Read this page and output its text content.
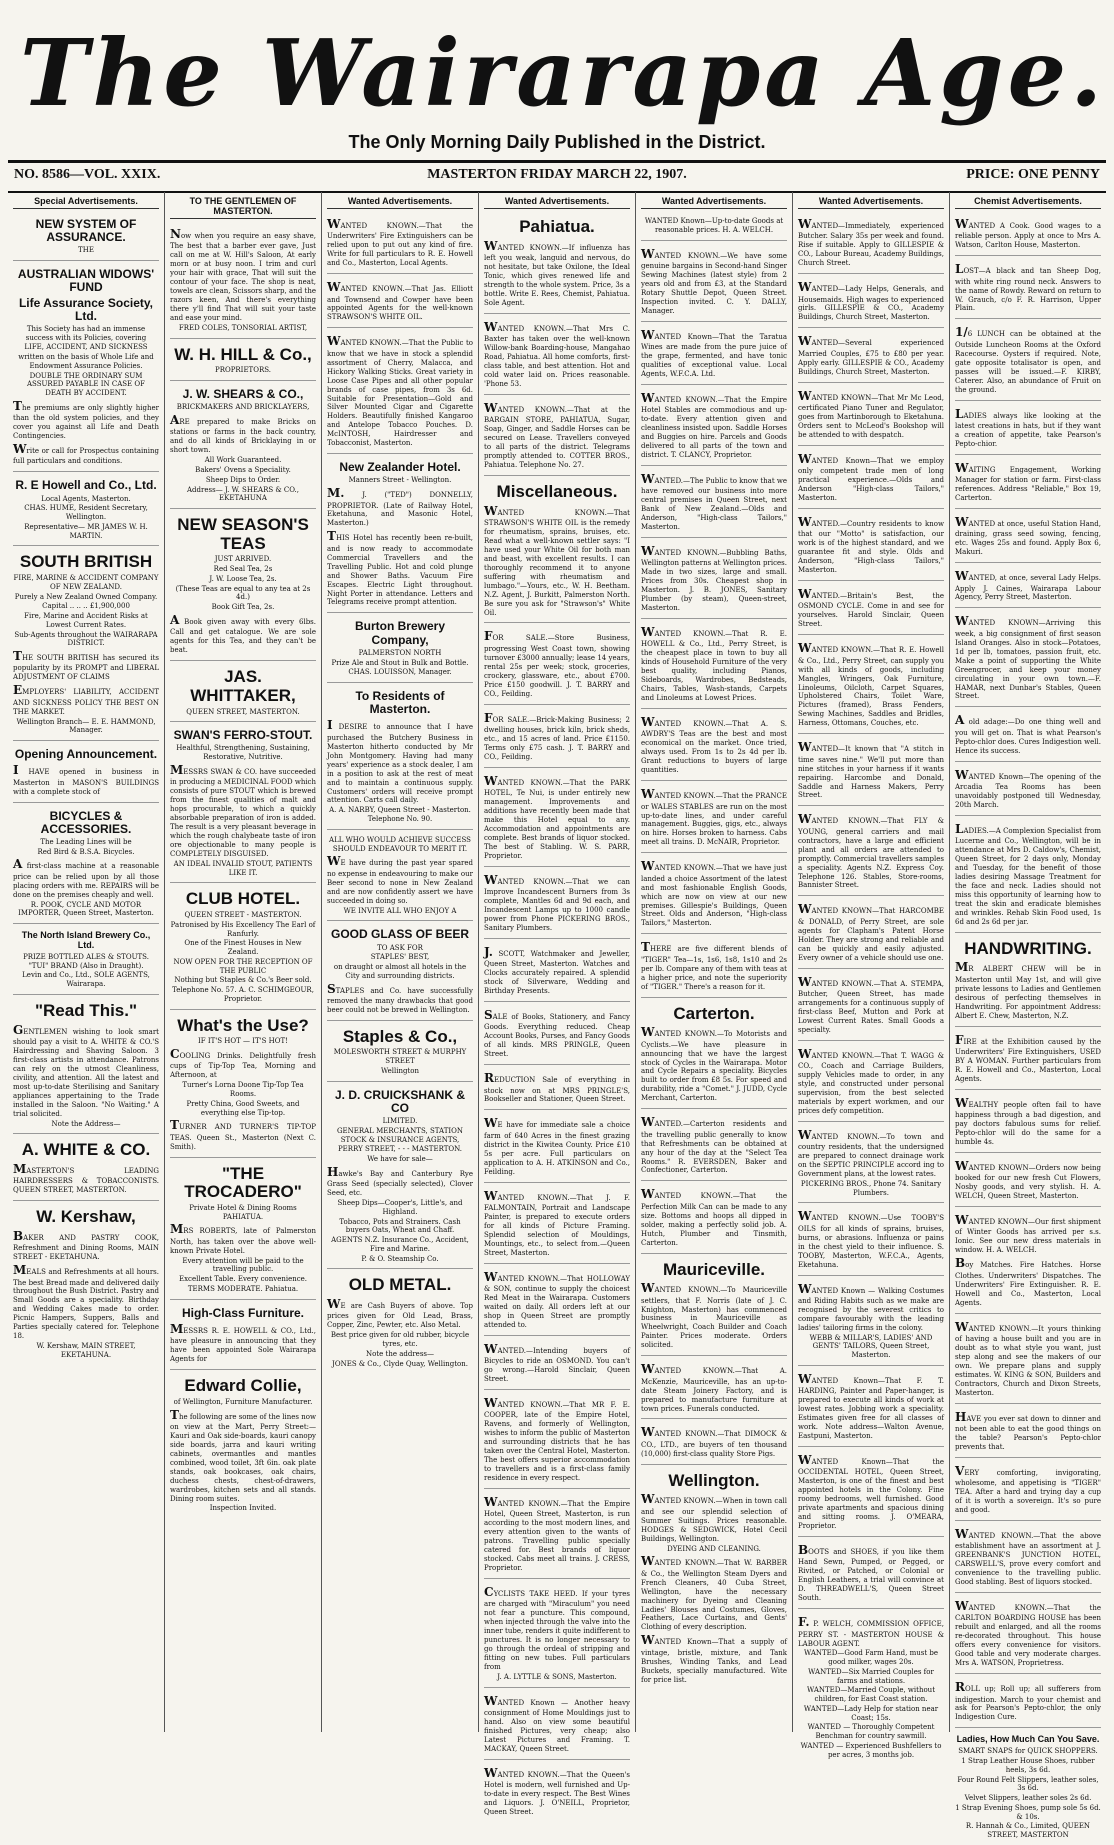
The Wairarapa Age.
The Only Morning Daily Published in the District.
MASTERTON FRIDAY MARCH 22, 1907.
NO. 8586—VOL. XXIX.	PRICE: ONE PENNY
Special Advertisements.
NEW SYSTEM OF ASSURANCE.
THE
AUSTRALIAN WIDOWS' FUND
Life Assurance Society, Ltd.
This Society has had an immense success with its Policies, covering
LIFE, ACCIDENT, AND SICKNESS
written on the basis of Whole Life and Endowment Assurance Policies.
DOUBLE THE ORDINARY SUM ASSURED PAYABLE IN CASE OF DEATH BY ACCIDENT.
The premiums are only slightly higher than the old system policies, and they cover you against all Life and Death Contingencies.
Write or call for Prospectus containing full particulars and conditions.
R. E Howell and Co., Ltd.
Local Agents, Masterton.
CHAS. HUME, Resident Secretary, Wellington.
Representative— MR JAMES W. H. MARTIN.
SOUTH BRITISH
FIRE, MARINE & ACCIDENT COMPANY OF NEW ZEALAND.
Purely a New Zealand Owned Company.
Capital .. .. .. £1,900,000
Fire, Marine and Accident Risks at Lowest Current Rates.
Sub-Agents throughout the WAIRARAPA DISTRICT.
THE SOUTH BRITISH has secured its popularity by its PROMPT and LIBERAL ADJUSTMENT OF CLAIMS
EMPLOYERS' LIABILITY, ACCIDENT AND SICKNESS POLICY THE BEST ON THE MARKET.
Wellington Branch— E. E. HAMMOND, Manager.
Opening Announcement.
I HAVE opened in business in Masterton in MASON'S BUILDINGS with a complete stock of
BICYCLES & ACCESSORIES.
The Leading Lines will be
Red Bird & B.S.A. Bicycles.
A first-class machine at a reasonable price can be relied upon by all those placing orders with me. REPAIRS will be done on the premises cheaply and well.
R. POOK, CYCLE AND MOTOR IMPORTER, Queen Street, Masterton.
The North Island Brewery Co., Ltd.
PRIZE BOTTLED ALES & STOUTS. "TUI" BRAND (Also in Draught).
Levin and Co., Ltd., SOLE AGENTS, Wairarapa.
"Read This."
GENTLEMEN wishing to look smart should pay a visit to A. WHITE & CO.'S Hairdressing and Shaving Saloon. 3 first-class artists in attendance. Patrons can rely on the utmost Cleanliness, civility, and attention. All the latest and most up-to-date Sterilising and Sanitary appliances appertaining to the Trade installed in the Saloon. "No Waiting." A trial solicited.
Note the Address—
A. WHITE & CO.
MASTERTON'S LEADING HAIRDRESSERS & TOBACCONISTS. QUEEN STREET, MASTERTON.
W. Kershaw,
BAKER AND PASTRY COOK, Refreshment and Dining Rooms, MAIN STREET - EKETAHUNA.
MEALS and Refreshments at all hours. The best Bread made and delivered daily throughout the Bush District. Pastry and Small Goods are a speciality. Birthday and Wedding Cakes made to order. Picnic Hampers, Suppers, Balls and Parties specially catered for. Telephone 18.
W. Kershaw, MAIN STREET, EKETAHUNA.
TO THE GENTLEMEN OF MASTERTON.
Now when you require an easy shave, The best that a barber ever gave, Just call on me at W. Hill's Saloon, At early morn or at busy noon. I trim and curl your hair with grace, That will suit the contour of your face. The shop is neat, towels are clean, Scissors sharp, and the razors keen, And there's everything there y'll find That will suit your taste and ease your mind.
FRED COLES, TONSORIAL ARTIST,
W. H. HILL & Co.,
PROPRIETORS.
J. W. SHEARS & CO.,
BRICKMAKERS AND BRICKLAYERS,
ARE prepared to make Bricks on stations or farms in the back country, and do all kinds of Bricklaying in or short town.
All Work Guaranteed.
Bakers' Ovens a Speciality.
Sheep Dips to Order.
Address— J. W. SHEARS & CO., EKETAHUNA
NEW SEASON'S TEAS
JUST ARRIVED.
Red Seal Tea, 2s
J. W. Loose Tea, 2s.
(These Teas are equal to any tea at 2s 4d.)
Book Gift Tea, 2s.
A Book given away with every 6lbs. Call and get catalogue. We are sole agents for this Tea, and they can't be beat.
JAS. WHITTAKER,
QUEEN STREET, MASTERTON.
SWAN'S FERRO-STOUT.
Healthful, Strengthening, Sustaining, Restorative, Nutritive.
MESSRS SWAN & CO. have succeeded in producing a MEDICINAL FOOD which consists of pure STOUT which is brewed from the finest qualities of malt and hops procurable, to which a quickly absorbable preparation of iron is added. The result is a very pleasant beverage in which the rough chalybeate taste of iron ore objectionable to many people is COMPLETELY DISGUISED.
AN IDEAL INVALID STOUT, PATIENTS LIKE IT.
CLUB HOTEL.
QUEEN STREET - MASTERTON.
Patronised by His Excellency The Earl of Ranfurly.
One of the Finest Houses in New Zealand.
NOW OPEN FOR THE RECEPTION OF THE PUBLIC
Nothing but Staples & Co.'s Beer sold.
Telephone No. 57. A. C. SCHIMGEOUR, Proprietor.
What's the Use?
IF IT'S HOT — IT'S HOT!
COOLING Drinks. Delightfully fresh cups of Tip-Top Tea, Morning and Afternoon, at
Turner's Lorna Doone Tip-Top Tea Rooms.
Pretty China, Good Sweets, and everything else Tip-top.
TURNER AND TURNER'S TIP-TOP TEAS. Queen St., Masterton (Next C. Smith).
"THE TROCADERO"
Private Hotel & Dining Rooms PAHIATUA.
MRS ROBERTS, late of Palmerston North, has taken over the above well-known Private Hotel.
Every attention will be paid to the travelling public.
Excellent Table. Every convenience.
TERMS MODERATE. Pahiatua.
High-Class Furniture.
MESSRS R. E. HOWELL & CO., Ltd., have pleasure in announcing that they have been appointed Sole Wairarapa Agents for
Edward Collie,
of Wellington, Furniture Manufacturer.
The following are some of the lines now on view at the Mart, Perry Street:—Kauri and Oak side-boards, kauri canopy side boards, jarra and kauri writing cabinets, overmantles and mantles combined, wood toilet, 3ft 6in. oak plate stands, oak bookcases, oak chairs, duchess chests, chest-of-drawers, wardrobes, kitchen sets and all stands. Dining room suites.
Inspection Invited.
Wanted Advertisements.
WANTED KNOWN.—That the Underwriters' Fire Extinguishers can be relied upon to put out any kind of fire. Write for full particulars to R. E. Howell and Co., Masterton, Local Agents.
WANTED KNOWN.—That Jas. Elliott and Townsend and Cowper have been appointed Agents for the well-known STRAWSON'S WHITE OIL.
WANTED KNOWN.—That the Public to know that we have in stock a splendid assortment of Cherry, Malacca, and Hickory Walking Sticks. Great variety in Loose Case Pipes and all other popular brands of case pipes, from 3s 6d. Suitable for Presentation—Gold and Silver Mounted Cigar and Cigarette Holders. Beautifully finished Kangaroo and Antelope Tobacco Pouches. D. McINTOSH, Hairdresser and Tobacconist, Masterton.
New Zealander Hotel.
Manners Street - Wellington.
M. J. ("TED") DONNELLY, PROPRIETOR. (Late of Railway Hotel, Eketahuna, and Masonic Hotel, Masterton.)
THIS Hotel has recently been re-built, and is now ready to accommodate Commercial Travellers and the Travelling Public. Hot and cold plunge and Shower Baths. Vacuum Fire Escapes. Electric Light throughout. Night Porter in attendance. Letters and Telegrams receive prompt attention.
Burton Brewery Company,
PALMERSTON NORTH
Prize Ale and Stout in Bulk and Bottle.
CHAS. LOUISSON, Manager.
To Residents of Masterton.
I DESIRE to announce that I have purchased the Butchery Business in Masterton hitherto conducted by Mr John Montgomery. Having had many years' experience as a stock dealer, I am in a position to ask at the rest of meat and to maintain a continuous supply. Customers' orders will receive prompt attention. Carts call daily.
A. A. NARBY, Queen Street - Masterton. Telephone No. 90.
ALL WHO WOULD ACHIEVE SUCCESS SHOULD ENDEAVOUR TO MERIT IT.
WE have during the past year spared no expense in endeavouring to make our Beer second to none in New Zealand and are now confidently assert we have succeeded in doing so.
WE INVITE ALL WHO ENJOY A
GOOD GLASS OF BEER
TO ASK FOR
STAPLES' BEST,
on draught or almost all hotels in the City and surrounding districts.
STAPLES and Co. have successfully removed the many drawbacks that good beer could not be brewed in Wellington.
Staples & Co.,
MOLESWORTH STREET & MURPHY STREET
Wellington
J. D. CRUICKSHANK & CO
LIMITED.
GENERAL MERCHANTS, STATION STOCK & INSURANCE AGENTS,
PERRY STREET, - - - MASTERTON.
We have for sale—
Hawke's Bay and Canterbury Rye Grass Seed (specially selected), Clover Seed, etc.
Sheep Dips—Cooper's, Little's, and Highland.
Tobacco, Pots and Strainers. Cash buyers Oats, Wheat and Chaff.
AGENTS N.Z. Insurance Co., Accident, Fire and Marine.
P. & O. Steamship Co.
OLD METAL.
WE are Cash Buyers of above. Top prices given for Old Lead, Brass, Copper, Zinc, Pewter, etc. Also Metal.
Best price given for old rubber, bicycle tyres, etc.
Note the address—
JONES & Co., Clyde Quay, Wellington.
Wanted Advertisements.
Pahiatua.
WANTED KNOWN.—If influenza has left you weak, languid and nervous, do not hesitate, but take Oxilone, the Ideal Tonic, which gives renewed life and strength to the whole system. Price, 3s a bottle. Write E. Rees, Chemist, Pahiatua. Sole Agent.
WANTED KNOWN.—That Mrs C. Baxter has taken over the well-known Willow-bank Boarding-house, Mangahao Road, Pahiatua. All home comforts, first-class table, and best attention. Hot and cold water laid on. Prices reasonable. 'Phone 53.
WANTED KNOWN.—That at the BARGAIN STORE, PAHIATUA, Sugar, Soap, Ginger, and Saddle Horses can be secured on Lease. Travellers conveyed to all parts of the district. Telegrams promptly attended to. COTTER BROS., Pahiatua. Telephone No. 27.
Miscellaneous.
WANTED KNOWN.—That STRAWSON'S WHITE OIL is the remedy for rheumatism, sprains, bruises, etc. Read what a well-known settler says: "I have used your White Oil for both man and beast, with excellent results. I can thoroughly recommend it to anyone suffering with rheumatism and lumbago."—Yours, etc., W. H. Beetham. N.Z. Agent, J. Burkitt, Palmerston North. Be sure you ask for "Strawson's" White Oil.
FOR SALE.—Store Business, progressing West Coast town, showing turnover £3000 annually; lease 14 years, rental 25s per week; stock, groceries, crockery, glassware, etc., about £700. Price £150 goodwill. J. T. BARRY and CO., Feilding.
FOR SALE.—Brick-Making Business; 2 dwelling houses, brick kiln, brick sheds, etc., and 15 acres of land. Price £1150. Terms only £75 cash. J. T. BARRY and CO., Feilding.
WANTED KNOWN.—That the PARK HOTEL, Te Nui, is under entirely new management. Improvements and additions have recently been made that make this Hotel equal to any. Accommodation and appointments are complete. Best brands of liquor stocked. The best of Stabling. W. S. PARR, Proprietor.
WANTED KNOWN.—That we can Improve Incandescent Burners from 3s complete, Mantles 6d and 9d each, and Incandescent Lamps up to 1000 candle power from Phone PICKERING BROS., Sanitary Plumbers.
J. SCOTT, Watchmaker and Jeweller, Queen Street, Masterton. Watches and Clocks accurately repaired. A splendid stock of Silverware, Wedding and Birthday Presents.
SALE of Books, Stationery, and Fancy Goods. Everything reduced. Cheap Account Books, Purses, and Fancy Goods of all kinds. MRS PRINGLE, Queen Street.
REDUCTION Sale of everything in stock now on at MRS PRINGLE'S, Bookseller and Stationer, Queen Street.
WE have for immediate sale a choice farm of 640 Acres in the finest grazing district in the Kiwitea County. Price £10 5s per acre. Full particulars on application to A. H. ATKINSON and Co., Feilding.
WANTED KNOWN.—That J. F. FALMONTAIN, Portrait and Landscape Painter, is prepared to execute orders for all kinds of Picture Framing. Splendid selection of Mouldings, Mountings, etc., to select from.—Queen Street, Masterton.
WANTED KNOWN.—That HOLLOWAY & SON, continue to supply the choicest Red Meat in the Wairarapa. Customers waited on daily. All orders left at our shop in Queen Street are promptly attended to.
WANTED.—Intending buyers of Bicycles to ride an OSMOND. You can't go wrong.—Harold Sinclair, Queen Street.
WANTED KNOWN.—That MR F. E. COOPER, late of the Empire Hotel, Ravens, and formerly of Wellington, wishes to inform the public of Masterton and surrounding districts that he has taken over the Central Hotel, Masterton. The best offers superior accommodation to travellers and is a first-class family residence in every respect.
WANTED KNOWN.—That the Empire Hotel, Queen Street, Masterton, is run according to the most modern lines, and every attention given to the wants of patrons. Travelling public specially catered for. Best brands of liquor stocked. Cabs meet all trains. J. CRESS, Proprietor.
CYCLISTS TAKE HEED. If your tyres are charged with "Miraculum" you need not fear a puncture. This compound, when injected through the valve into the inner tube, renders it quite indifferent to punctures. It is no longer necessary to go through the ordeal of stripping and fitting on new tubes. Full particulars from
J. A. LYTTLE & SONS, Masterton.
WANTED Known — Another heavy consignment of Home Mouldings just to hand. Also on view some beautiful finished Pictures, very cheap; also Latest Pictures and Framing. T. MACKAY, Queen Street.
WANTED KNOWN.—That the Queen's Hotel is modern, well furnished and Up-to-date in every respect. The Best Wines and Liquors. J. O'NEILL, Proprietor, Queen Street.
Wanted Advertisements.
WANTED Known—Up-to-date Goods at reasonable prices. H. A. WELCH.
WANTED KNOWN.—We have some genuine bargains in Second-hand Singer Sewing Machines (latest style) from 2 years old and from £3, at the Standard Rotary Shuttle Depot, Queen Street. Inspection invited. C. Y. DALLY, Manager.
WANTED Known—That the Taratua Wines are made from the pure juice of the grape, fermented, and have tonic qualities of exceptional value. Local Agents, W.F.C.A. Ltd.
WANTED KNOWN.—That the Empire Hotel Stables are commodious and up-to-date. Every attention given and cleanliness insisted upon. Saddle Horses and Buggies on hire. Parcels and Goods delivered to all parts of the town and district. T. CLANCY, Proprietor.
WANTED.—The Public to know that we have removed our business into more central premises in Queen Street, next Bank of New Zealand.—Olds and Anderson, "High-class Tailors," Masterton.
WANTED KNOWN.—Bubbling Baths, Wellington patterns at Wellington prices. Made in two sizes, large and small. Prices from 30s. Cheapest shop in Masterton. J. B. JONES, Sanitary Plumber (by steam), Queen-street, Masterton.
WANTED KNOWN.—That R. E. HOWELL & Co., Ltd., Perry Street, is the cheapest place in town to buy all kinds of Household Furniture of the very best quality, including Pianos, Sideboards, Wardrobes, Bedsteads, Chairs, Tables, Wash-stands, Carpets and Linoleums at Lowest Prices.
WANTED KNOWN.—That A. S. AWDRY'S Teas are the best and most economical on the market. Once tried, always used. From 1s to 2s 4d per lb. Grant reductions to buyers of large quantities.
WANTED KNOWN.—That the PRANCE or WALES STABLES are run on the most up-to-date lines, and under careful management. Buggies, gigs, etc., always on hire. Horses broken to harness. Cabs meet all trains. D. McNAIR, Proprietor.
WANTED KNOWN.—That we have just landed a choice Assortment of the latest and most fashionable English Goods, which are now on view at our new premises. Gillespie's Buildings, Queen Street. Olds and Anderson, "High-class Tailors," Masterton.
THERE are five different blends of "TIGER" Tea—1s, 1s6, 1s8, 1s10 and 2s per lb. Compare any of them with teas at a higher price, and note the superiority of "TIGER." There's a reason for it.
Carterton.
WANTED KNOWN.—To Motorists and Cyclists.—We have pleasure in announcing that we have the largest stock of Cycles in the Wairarapa. Motor and Cycle Repairs a speciality. Bicycles built to order from £8 5s. For speed and durability, ride a "Comet." J. JUDD, Cycle Merchant, Carterton.
WANTED.—Carterton residents and the travelling public generally to know that Refreshments can be obtained at any hour of the day at the "Select Tea Rooms." R. EVERSDEN, Baker and Confectioner, Carterton.
WANTED KNOWN.—That the Perfection Milk Can can be made to any size. Bottoms and hoops all dipped in solder, making a perfectly solid job. A. Hutch, Plumber and Tinsmith, Carterton.
Mauriceville.
WANTED KNOWN.—To Mauriceville settlers, that F. Norris (late of J. C. Knighton, Masterton) has commenced business in Mauriceville as Wheelwright, Coach Builder and Coach Painter. Prices moderate. Orders solicited.
WANTED KNOWN.—That A. McKenzie, Mauriceville, has an up-to-date Steam Joinery Factory, and is prepared to manufacture furniture at town prices. Funerals conducted.
WANTED KNOWN.—That DIMOCK & CO., LTD., are buyers of ten thousand (10,000) first-class quality Store Pigs.
Wellington.
WANTED KNOWN.—When in town call and see our splendid selection of Summer Suitings. Prices reasonable. HODGES & SEDGWICK, Hotel Cecil Buildings, Wellington.
DYEING AND CLEANING.
WANTED KNOWN.—That W. BARBER & Co., the Wellington Steam Dyers and French Cleaners, 40 Cuba Street, Wellington, have the necessary machinery for Dyeing and Cleaning Ladies' Blouses and Costumes, Gloves, Feathers, Lace Curtains, and Gents' Clothing of every description.
WANTED Known—That a supply of vintage, bristle, mixture, and Tank Brushes, Winding Tanks, and Lead Buckets, specially manufactured. Wite for price list.
Wanted Advertisements.
WANTED—Immediately, experienced Butcher. Salary 35s per week and found. Rise if suitable. Apply to GILLESPIE & CO., Labour Bureau, Academy Buildings, Church Street.
WANTED—Lady Helps, Generals, and Housemaids. High wages to experienced girls. GILLESPIE & CO., Academy Buildings, Church Street, Masterton.
WANTED—Several experienced Married Couples, £75 to £80 per year. Apply early. GILLESPIE & CO., Academy Buildings, Church Street, Masterton.
WANTED KNOWN—That Mr Mc Leod, certificated Piano Tuner and Regulator, goes from Martinborough to Eketahuna. Orders sent to McLeod's Bookshop will be attended to with despatch.
WANTED Known—That we employ only competent trade men of long practical experience.—Olds and Anderson "High-class Tailors," Masterton.
WANTED.—Country residents to know that our "Motto" is satisfaction, our work is of the highest standard, and we guarantee fit and style. Olds and Anderson, "High-class Tailors," Masterton.
WANTED.—Britain's Best, the OSMOND CYCLE. Come in and see for yourselves. Harold Sinclair, Queen Street.
WANTED KNOWN.—That R. E. Howell & Co., Ltd., Perry Street, can supply you with all kinds of goods, including Mangles, Wringers, Oak Furniture, Linoleums, Oilcloth, Carpet Squares, Upholstered Chairs, Toilet Ware, Pictures (framed), Brass Fenders, Sewing Machines, Saddles and Bridles, Harness, Ottomans, Couches, etc.
WANTED—It known that "A stitch in time saves nine." We'll put more than nine stitches in your harness if it wants repairing. Harcombe and Donald, Saddle and Harness Makers, Perry Street.
WANTED KNOWN.—That FLY & YOUNG, general carriers and mail contractors, have a large and efficient plant and all orders are attended to promptly. Commercial travellers samples a speciality. Agents N.Z. Express Coy. Telephone 126. Stables, Store-rooms, Bannister Street.
WANTED KNOWN—That HARCOMBE & DONALD, of Perry Street, are sole agents for Clapham's Patent Horse Holder. They are strong and reliable and can be quickly and easily adjusted. Every owner of a vehicle should use one.
WANTED KNOWN.—That A. STEMPA, Butcher, Queen Street, has made arrangements for a continuous supply of first-class Beef, Mutton and Pork at Lowest Current Rates. Small Goods a specialty.
WANTED KNOWN.—That T. WAGG & CO., Coach and Carriage Builders, supply Vehicles made to order, in any style, and constructed under personal supervision, from the best selected materials by expert workmen, and our prices defy competition.
WANTED KNOWN.—To town and country residents, that the undersigned are prepared to connect drainage work on the SEPTIC PRINCIPLE accord ing to Government plans, at the lowest rates.
PICKERING BROS., Phone 74. Sanitary Plumbers.
WANTED KNOWN.—Use TOOBY'S OILS for all kinds of sprains, bruises, burns, or abrasions. Influenza or pains in the chest yield to their influence. S. TOOBY, Masterton, W.F.C.A., Agents, Eketahuna.
WANTED Known — Walking Costumes and Riding Habits such as we make are recognised by the severest critics to compare favourably with the leading ladies' tailoring firms in the colony.
WEBB & MILLAR'S, LADIES' AND GENTS' TAILORS, Queen Street, Masterton.
WANTED Known—That F. T. HARDING, Painter and Paper-hanger, is prepared to execute all kinds of work at lowest rates. Jobbing work a speciality. Estimates given free for all classes of work. Note address—Walton Avenue, Eastpuni, Masterton.
WANTED Known—That the OCCIDENTAL HOTEL, Queen Street, Masterton, is one of the finest and best appointed hotels in the Colony. Fine roomy bedrooms, well furnished. Good private apartments and spacious dining and sitting rooms. J. O'MEARA, Proprietor.
BOOTS and SHOES, if you like them Hand Sewn, Pumped, or Pegged, or Rivited, or Patched, or Colonial or English Leathers, a trial will convince at D. THREADWELL'S, Queen Street South.
F. P. WELCH, COMMISSION OFFICE, PERRY ST. - MASTERTON HOUSE & LABOUR AGENT.
WANTED—Good Farm Hand, must be good milker, wages 20s.
WANTED—Six Married Couples for farms and stations.
WANTED—Married Couple, without children, for East Coast station.
WANTED—Lady Help for station near Coast; 15s.
WANTED — Thoroughly Competent Benchman for country sawmill.
WANTED — Experienced Bushfellers to per acres, 3 months job.
Chemist Advertisements.
WANTED A Cook. Good wages to a reliable person. Apply at once to Mrs A. Watson, Carlton House, Masterton.
LOST—A black and tan Sheep Dog, with white ring round neck. Answers to the name of Rowdy. Reward on return to W. Grauch, c/o F. R. Harrison, Upper Plain.
1/6 LUNCH can be obtained at the Outside Luncheon Rooms at the Oxford Racecourse. Oysters if required. Note, gate opposite totalisator is open, and passes will be issued.—F. KIRBY, Caterer. Also, an abundance of Fruit on the ground.
LADIES always like looking at the latest creations in hats, but if they want a creation of appetite, take Pearson's Pepto-chior.
WAITING Engagement, Working Manager for station or farm. First-class references. Address "Reliable," Box 19, Carterton.
WANTED at once, useful Station Hand, draining, grass seed sowing, fencing, etc. Wages 25s and found. Apply Box 6, Makuri.
WANTED, at once, several Lady Helps. Apply J. Caines, Wairarapa Labour Agency, Perry Street, Masterton.
WANTED KNOWN—Arriving this week, a big consignment of first season Island Oranges. Also in stock—Potatoes, 1d per lb, tomatoes, passion fruit, etc. Make a point of supporting the White Greengrocer, and keep your money circulating in your own town.—F. HAMAR, next Dunbar's Stables, Queen Street.
A old adage:—Do one thing well and you will get on. That is what Pearson's Pepto-chlor does. Cures Indigestion well. Hence its success.
WANTED Known—The opening of the Arcadia Tea Rooms has been unavoidably postponed till Wednesday, 20th March.
LADIES.—A Complexion Specialist from Lucerne and Co., Wellington, will be in attendance at Mrs D. Caldow's, Chemist, Queen Street, for 2 days only, Monday and Tuesday, for the benefit of those ladies desiring Massage Treatment for the face and neck. Ladies should not miss this opportunity of learning how to treat the skin and eradicate blemishes and wrinkles. Rehab Skin Food used, 1s 6d and 2s 6d per jar.
HANDWRITING.
MR ALBERT CHEW will be in Masterton until May 1st, and will give private lessons to Ladies and Gentlemen desirous of perfecting themselves in Handwriting. For appointment Address: Albert E. Chew, Masterton, N.Z.
FIRE at the Exhibition caused by the Underwriters' Fire Extinguishers, USED BY A WOMAN. Further particulars from R. E. Howell and Co., Masterton, Local Agents.
WEALTHY people often fail to have happiness through a bad digestion, and pay doctors fabulous sums for relief. Pepto-chlor will do the same for a humble 4s.
WANTED KNOWN—Orders now being booked for our new fresh Cut Flowers, Nosby goods, and very stylish. H. A. WELCH, Queen Street, Masterton.
WANTED KNOWN—Our first shipment of Winter Goods has arrived per s.s. Ionic. See our new dress materials in window. H. A. WELCH.
Boy Matches. Fire Hatches. Horse Clothes. Underwriters' Dispatches. The Underwriters' Fire Extinguisher. R. E. Howell and Co., Masterton, Local Agents.
WANTED KNOWN.—It yours thinking of having a house built and you are in doubt as to what style you want, just step along and see the makers of our own. We prepare plans and supply estimates. W. KING & SON, Builders and Contractors, Church and Dixon Streets, Masterton.
HAVE you ever sat down to dinner and not been able to eat the good things on the table? Pearson's Pepto-chlor prevents that.
VERY comforting, invigorating, wholesome, and appetising is "TIGER" TEA. After a hard and trying day a cup of it is worth a sovereign. It's so pure and good.
WANTED KNOWN.—That the above establishment have an assortment at J. GREENBANK'S JUNCTION HOTEL, CARSWELL'S, prove every comfort and convenience to the travelling public. Good stabling. Best of liquors stocked.
WANTED KNOWN.—That the CARLTON BOARDING HOUSE has been rebuilt and enlarged, and all the rooms re-decorated throughout. This house offers every convenience for visitors. Good table and very moderate charges. Mrs A. WATSON, Proprietress.
ROLL up; Roll up; all sufferers from indigestion. March to your chemist and ask for Pearson's Pepto-chlor, the only Indigestion Cure.
Ladies, How Much Can You Save.
SMART SNAPS for QUICK SHOPPERS.
1 Strap Leather House Shoes, rubber heels, 3s 6d.
Four Round Felt Slippers, leather soles, 3s 6d.
Velvet Slippers, leather soles 2s 6d.
1 Strap Evening Shoes, pump sole 5s 6d. & 10s.
R. Hannah & Co., Limited, QUEEN STREET, MASTERTON
